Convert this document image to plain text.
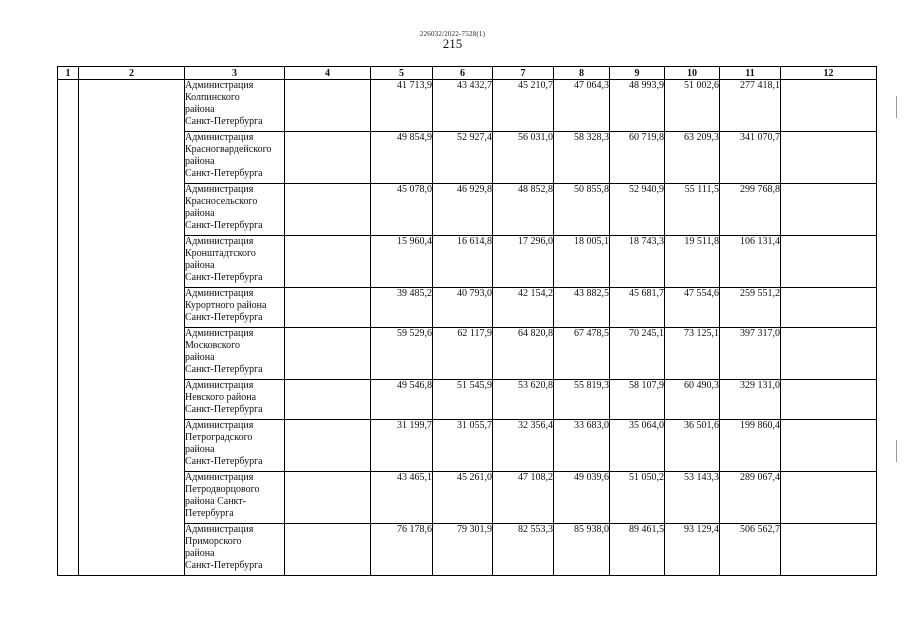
226032/2022-7528(1)
215
1	2	3	4	5	6	7	8	9	10	11	12

		Администрация
Колпинского
района
Санкт-Петербурга		41 713,9	43 432,7	45 210,7	47 064,3	48 993,9	51 002,6	277 418,1	

		Администрация
Красногвардейского
района
Санкт-Петербурга		49 854,9	52 927,4	56 031,0	58 328,3	60 719,8	63 209,3	341 070,7	

		Администрация
Красносельского
района
Санкт-Петербурга		45 078,0	46 929,8	48 852,8	50 855,8	52 940,9	55 111,5	299 768,8	

		Администрация
Кронштадтского
района
Санкт-Петербурга		15 960,4	16 614,8	17 296,0	18 005,1	18 743,3	19 511,8	106 131,4	

		Администрация
Курортного района
Санкт-Петербурга		39 485,2	40 793,0	42 154,2	43 882,5	45 681,7	47 554,6	259 551,2	

		Администрация
Московского
района
Санкт-Петербурга		59 529,6	62 117,9	64 820,8	67 478,5	70 245,1	73 125,1	397 317,0	

		Администрация
Невского района
Санкт-Петербурга		49 546,8	51 545,9	53 620,8	55 819,3	58 107,9	60 490,3	329 131,0	

		Администрация
Петроградского
района
Санкт-Петербурга		31 199,7	31 055,7	32 356,4	33 683,0	35 064,0	36 501,6	199 860,4	

		Администрация
Петродворцового
района Санкт-
Петербурга		43 465,1	45 261,0	47 108,2	49 039,6	51 050,2	53 143,3	289 067,4	

		Администрация
Приморского
района
Санкт-Петербурга		76 178,6	79 301,9	82 553,3	85 938,0	89 461,5	93 129,4	506 562,7	
